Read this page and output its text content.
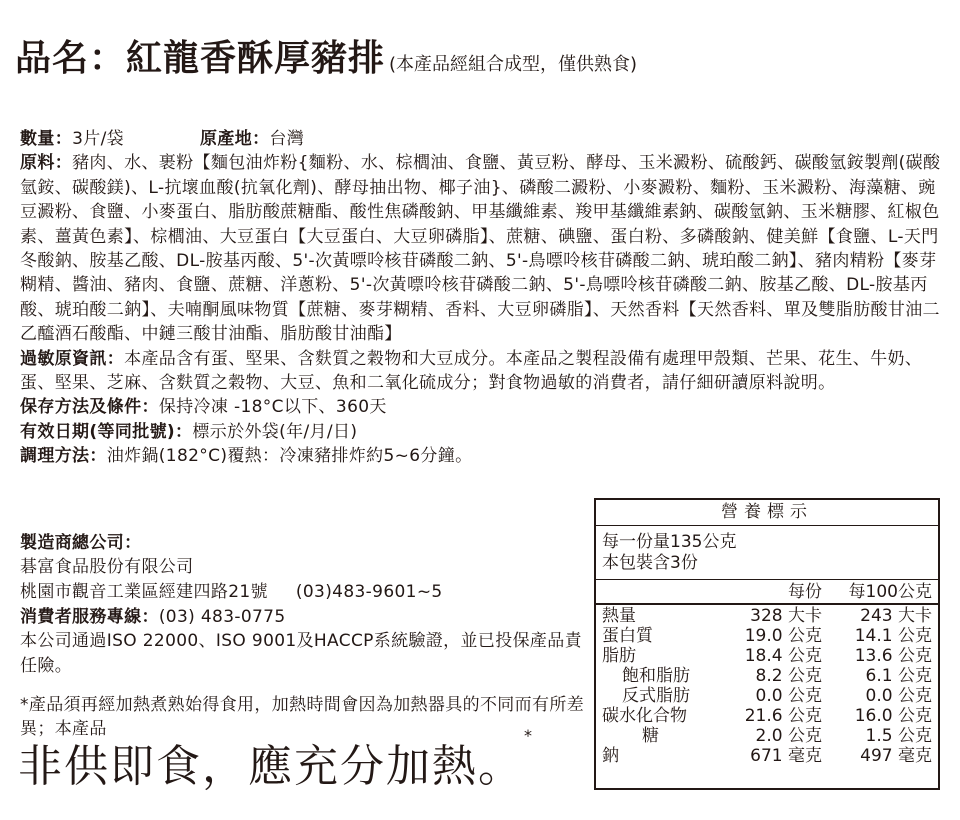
品名：紅龍香酥厚豬排 (本產品經組合成型，僅供熟食)

數量：3片/袋	原產地：台灣

原料：豬肉、水、裹粉【麵包油炸粉{麵粉、水、棕櫚油、食鹽、黃豆粉、酵母、玉米澱粉、硫酸鈣、碳酸氫銨製劑(碳酸氫銨、碳酸鎂)、L-抗壞血酸(抗氧化劑)、酵母抽出物、椰子油}、磷酸二澱粉、小麥澱粉、麵粉、玉米澱粉、海藻糖、豌豆澱粉、食鹽、小麥蛋白、脂肪酸蔗糖酯、酸性焦磷酸鈉、甲基纖維素、羧甲基纖維素鈉、碳酸氫鈉、玉米糖膠、紅椒色素、薑黃色素】、棕櫚油、大豆蛋白【大豆蛋白、大豆卵磷脂】、蔗糖、碘鹽、蛋白粉、多磷酸鈉、健美鮮【食鹽、L-天門冬酸鈉、胺基乙酸、DL-胺基丙酸、5'-次黃嘌呤核苷磷酸二鈉、5'-鳥嘌呤核苷磷酸二鈉、琥珀酸二鈉】、豬肉精粉【麥芽糊精、醬油、豬肉、食鹽、蔗糖、洋蔥粉、5'-次黃嘌呤核苷磷酸二鈉、5'-鳥嘌呤核苷磷酸二鈉、胺基乙酸、DL-胺基丙酸、琥珀酸二鈉】、夫喃酮風味物質【蔗糖、麥芽糊精、香料、大豆卵磷脂】、天然香料【天然香料、單及雙脂肪酸甘油二乙醯酒石酸酯、中鏈三酸甘油酯、脂肪酸甘油酯】

過敏原資訊：本產品含有蛋、堅果、含麩質之穀物和大豆成分。本產品之製程設備有處理甲殼類、芒果、花生、牛奶、蛋、堅果、芝麻、含麩質之穀物、大豆、魚和二氧化硫成分；對食物過敏的消費者，請仔細研讀原料說明。

保存方法及條件：保持冷凍 -18°C以下、360天

有效日期(等同批號)：標示於外袋(年/月/日)

調理方法：油炸鍋(182°C)覆熱：冷凍豬排炸約5~6分鐘。

製造商總公司：

碁富食品股份有限公司

桃園市觀音工業區經建四路21號 (03)483-9601~5

消費者服務專線：(03) 483-0775

本公司通過ISO 22000、ISO 9001及HACCP系統驗證，並已投保產品責任險。

*產品須再經加熱煮熟始得食用，加熱時間會因為加熱器具的不同而有所差異；本產品

非供即食，應充分加熱。*
營養標示
每一份量135公克
本包裝含3份
每份 每100公克
熱量	328 大卡 243 大卡
蛋白質	19.0 公克 14.1 公克
脂肪	18.4 公克 13.6 公克
飽和脂肪	8.2 公克	6.1 公克
反式脂肪	0.0 公克	0.0 公克
碳水化合物	21.6 公克 16.0 公克
糖	2.0 公克	1.5 公克
鈉	671 毫克 497 毫克
